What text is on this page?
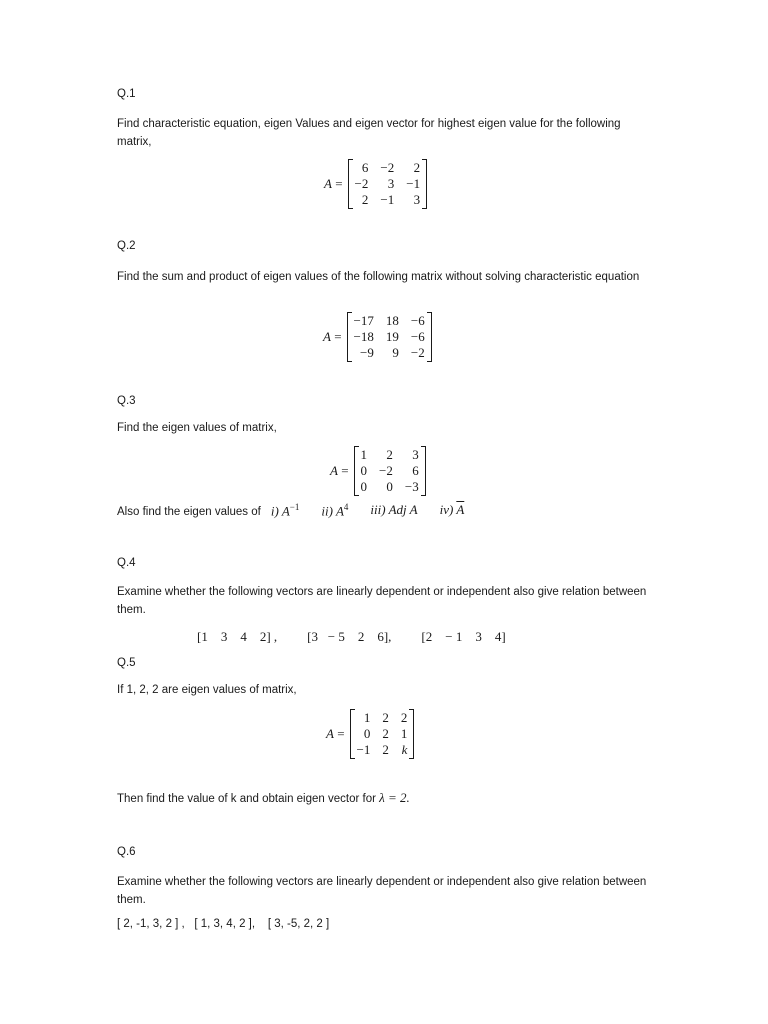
Q.1
Find characteristic equation, eigen Values and eigen vector for highest eigen value for the following matrix,
A =
6 −2	2
−2	3 −1
2 −1	3
Q.2
Find the sum and product of eigen values of the following matrix without solving characteristic equation
A =
−17 18 −6
−18 19 −6
−9	9 −2
Q.3
Find the eigen values of matrix,
A =
1	2	3
0 −2	6
0	0 −3
Also find the eigen values of i) $A^{-1}$ ii) $A^4$ iii) Adj A iv) $\overline{A}$
Q.4
Examine whether the following vectors are linearly dependent or independent also give relation between them.
[1    3    4    2] , [3   − 5    2    6], [2    − 1    3    4]
Q.5
If 1, 2, 2 are eigen values of matrix,
A =
1 2 2
0 2 1
−1 2 k
Then find the value of k and obtain eigen vector for λ = 2.
Q.6
Examine whether the following vectors are linearly dependent or independent also give relation between them.
[ 2, -1, 3, 2 ] ,   [ 1, 3, 4, 2 ],    [ 3, -5, 2, 2 ]
